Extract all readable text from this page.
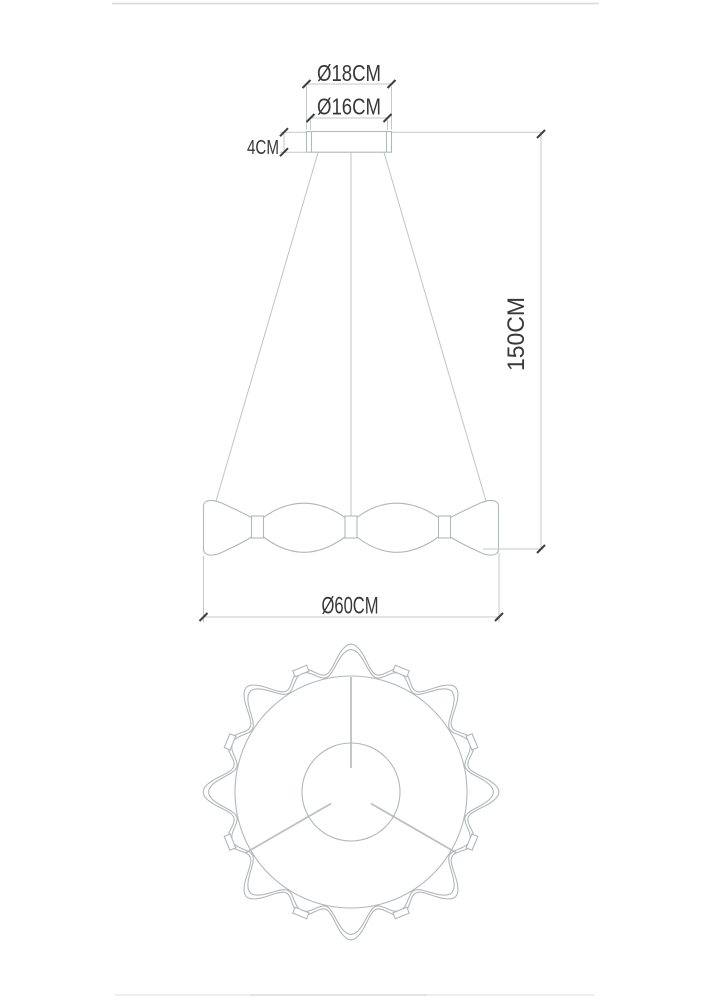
Ø18CM
Ø16CM
4CM
150CM
Ø60CM
